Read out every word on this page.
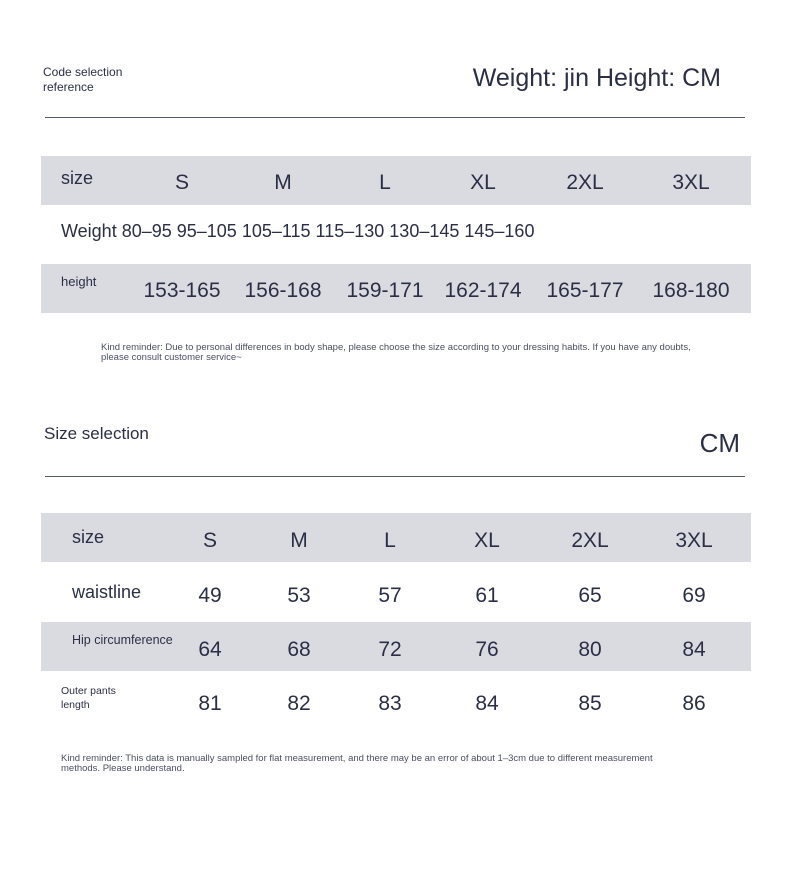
Code selection
reference	Weight: jin Height: CM
size	S	M	L	XL	2XL	3XL
Weight 80–95 95–105 105–115 115–130 130–145 145–160
height 153-165 156-168 159-171 162-174 165-177 168-180
Kind reminder: Due to personal differences in body shape, please choose the size according to your dressing habits. If you have any doubts,
please consult customer service~
Size selection	CM
size	S	M	L	XL	2XL	3XL
waistline	49	53	57	61	65	69
Hip circumference 64	68	72	76	80	84
Outer pants
length	81	82	83	84	85	86
Kind reminder: This data is manually sampled for flat measurement, and there may be an error of about 1–3cm due to different measurement
methods. Please understand.
